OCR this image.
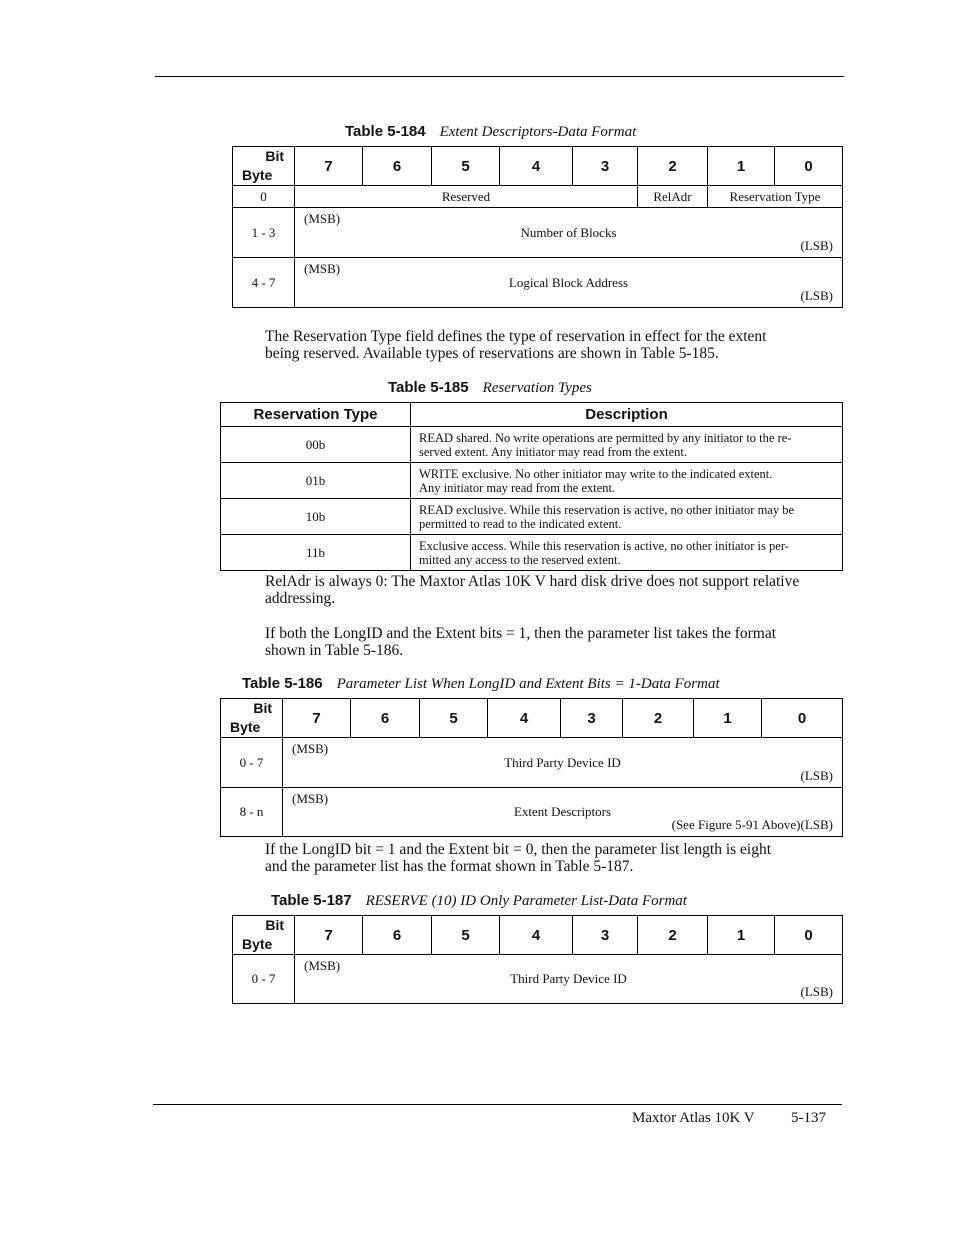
Table 5-184 Extent Descriptors-Data Format
Bit
Byte	7	6	5	4	3	2	1	0
0	Reserved					RelAdr	Reservation Type	
1 - 3	(MSB)
Number of Blocks
(LSB)							

4 - 7	(MSB)
Logical Block Address
(LSB)							
The Reservation Type field defines the type of reservation in effect for the extent
being reserved. Available types of reservations are shown in Table 5-185.
Table 5-185 Reservation Types
Reservation Type	Description
00b	READ shared. No write operations are permitted by any initiator to the re-
served extent. Any initiator may read from the extent.

01b	WRITE exclusive. No other initiator may write to the indicated extent.
Any initiator may read from the extent.

10b	READ exclusive. While this reservation is active, no other initiator may be
permitted to read to the indicated extent.

11b	Exclusive access. While this reservation is active, no other initiator is per-
mitted any access to the reserved extent.
RelAdr is always 0: The Maxtor Atlas 10K V hard disk drive does not support relative
addressing.
If both the LongID and the Extent bits = 1, then the parameter list takes the format
shown in Table 5-186.
Table 5-186 Parameter List When LongID and Extent Bits = 1-Data Format
Bit
Byte	7	6	5	4	3	2	1	0
0 - 7	(MSB)
Third Party Device ID
(LSB)							

8 - n	(MSB)
Extent Descriptors
(See Figure 5-91 Above)(LSB)							
If the LongID bit = 1 and the Extent bit = 0, then the parameter list length is eight
and the parameter list has the format shown in Table 5-187.
Table 5-187 RESERVE (10) ID Only Parameter List-Data Format
Bit
Byte	7	6	5	4	3	2	1	0
0 - 7	(MSB)
Third Party Device ID
(LSB)							
Maxtor Atlas 10K V 5-137
